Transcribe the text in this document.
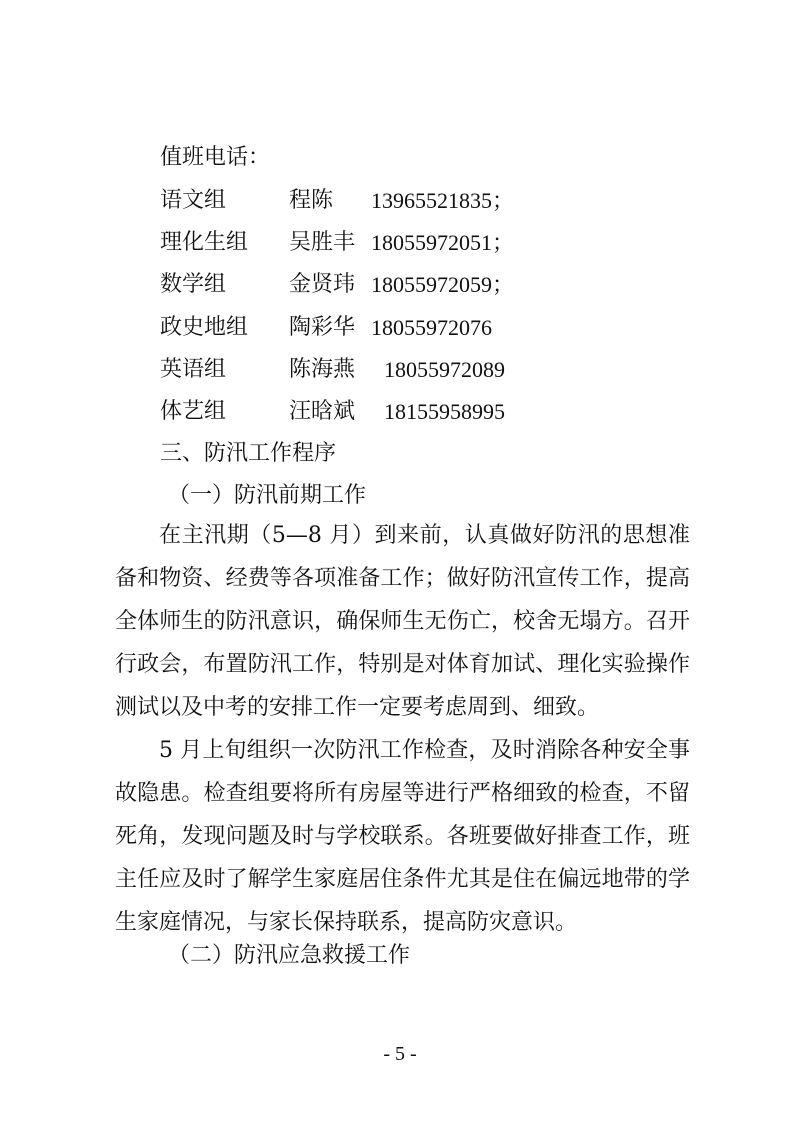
值班电话：
语文组	程陈 13965521835；
理化生组 吴胜丰 18055972051；
数学组	金贤玮 18055972059；
政史地组 陶彩华 18055972076
英语组	陈海燕 18055972089
体艺组	汪晗斌 18155958995
三、防汛工作程序
（一）防汛前期工作
在主汛期（5—8 月）到来前，认真做好防汛的思想准备和物资、经费等各项准备工作；做好防汛宣传工作，提高全体师生的防汛意识，确保师生无伤亡，校舍无塌方。召开行政会，布置防汛工作，特别是对体育加试、理化实验操作测试以及中考的安排工作一定要考虑周到、细致。
5 月上旬组织一次防汛工作检查，及时消除各种安全事故隐患。检查组要将所有房屋等进行严格细致的检查，不留死角，发现问题及时与学校联系。各班要做好排查工作，班主任应及时了解学生家庭居住条件尤其是住在偏远地带的学生家庭情况，与家长保持联系，提高防灾意识。
（二）防汛应急救援工作
- 5 -
